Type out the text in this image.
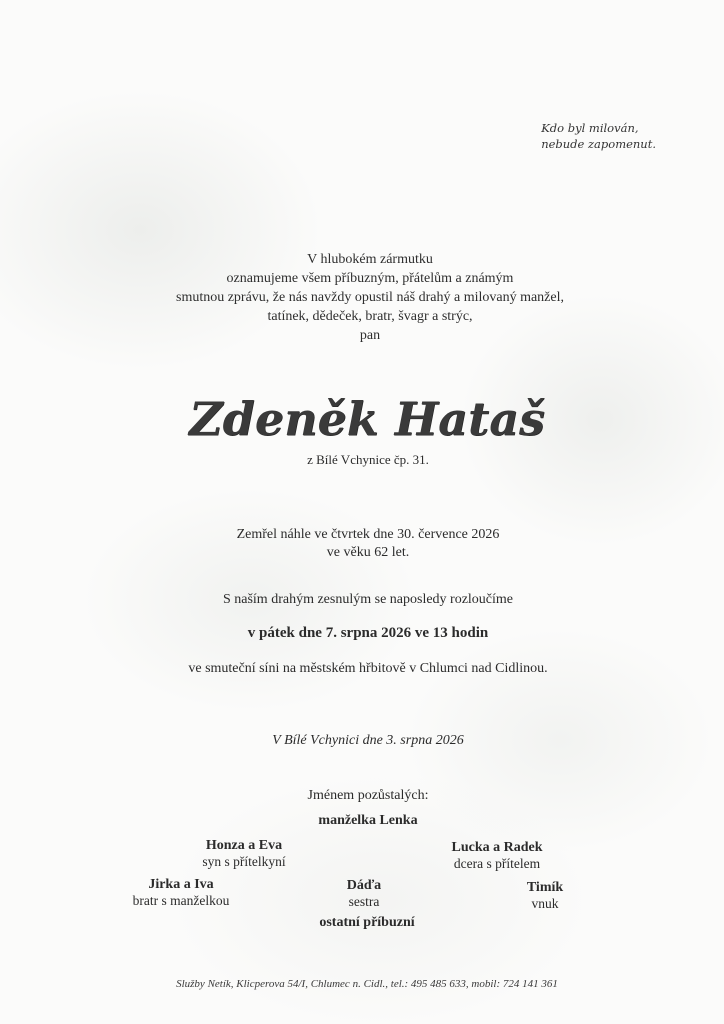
Kdo byl milován,
nebude zapomenut.
V hlubokém zármutku
oznamujeme všem příbuzným, přátelům a známým
smutnou zprávu, že nás navždy opustil náš drahý a milovaný manžel,
tatínek, dědeček, bratr, švagr a strýc,
pan
Zdeněk Hataš
z Bílé Vchynice čp. 31.
Zemřel náhle ve čtvrtek dne 30. července 2026
ve věku 62 let.
S naším drahým zesnulým se naposledy rozloučíme
v pátek dne 7. srpna 2026 ve 13 hodin
ve smuteční síni na městském hřbitově v Chlumci nad Cidlinou.
V Bílé Vchynici dne 3. srpna 2026
Jménem pozůstalých:
manželka Lenka
Honza a Eva
syn s přítelkyní
Lucka a Radek
dcera s přítelem
Jirka a Iva
bratr s manželkou
Dáďa
sestra
Timík
vnuk
ostatní příbuzní
Služby Netík, Klicperova 54/I, Chlumec n. Cidl., tel.: 495 485 633, mobil: 724 141 361
